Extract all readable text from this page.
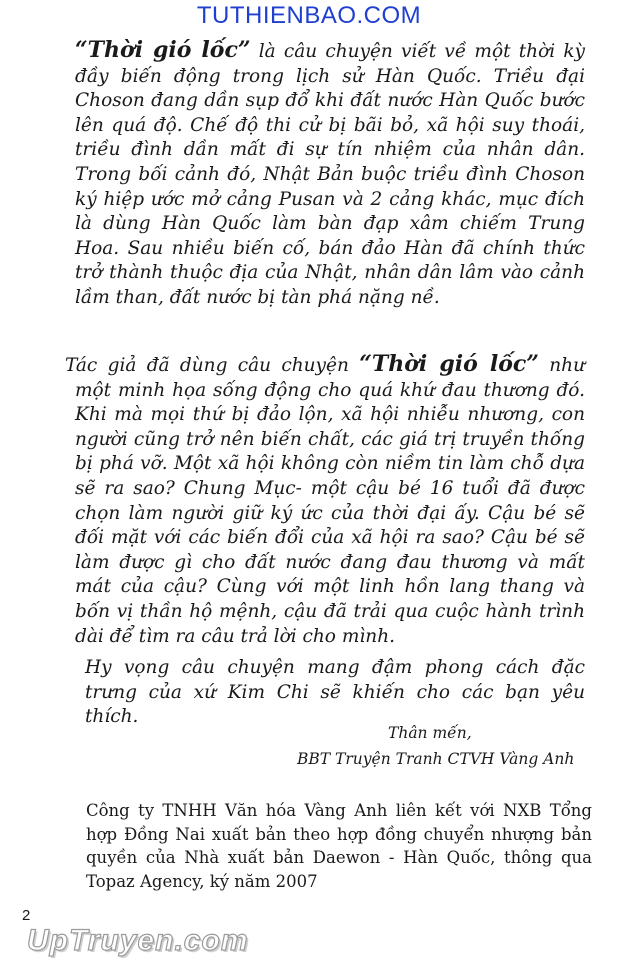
TUTHIENBAO.COM

“Thời gió lốc” là câu chuyện viết về một thời kỳ đầy biến động trong lịch sử Hàn Quốc. Triều đại Choson đang dần sụp đổ khi đất nước Hàn Quốc bước lên quá độ. Chế độ thi cử bị bãi bỏ, xã hội suy thoái, triều đình dần mất đi sự tín nhiệm của nhân dân. Trong bối cảnh đó, Nhật Bản buộc triều đình Choson ký hiệp ước mở cảng Pusan và 2 cảng khác, mục đích là dùng Hàn Quốc làm bàn đạp xâm chiếm Trung Hoa. Sau nhiều biến cố, bán đảo Hàn đã chính thức trở thành thuộc địa của Nhật, nhân dân lâm vào cảnh lầm than, đất nước bị tàn phá nặng nề.

Tác giả đã dùng câu chuyện “Thời gió lốc” như một minh họa sống động cho quá khứ đau thương đó. Khi mà mọi thứ bị đảo lộn, xã hội nhiễu nhương, con người cũng trở nên biến chất, các giá trị truyền thống bị phá vỡ. Một xã hội không còn niềm tin làm chỗ dựa sẽ ra sao? Chung Mục- một cậu bé 16 tuổi đã được chọn làm người giữ ký ức của thời đại ấy. Cậu bé sẽ đối mặt với các biến đổi của xã hội ra sao? Cậu bé sẽ làm được gì cho đất nước đang đau thương và mất mát của cậu? Cùng với một linh hồn lang thang và bốn vị thần hộ mệnh, cậu đã trải qua cuộc hành trình dài để tìm ra câu trả lời cho mình.

Hy vọng câu chuyện mang đậm phong cách đặc trưng của xứ Kim Chi sẽ khiến cho các bạn yêu thích.

Thân mến,
BBT Truyện Tranh CTVH Vàng Anh

Công ty TNHH Văn hóa Vàng Anh liên kết với NXB Tổng hợp Đồng Nai xuất bản theo hợp đồng chuyển nhượng bản quyền của Nhà xuất bản Daewon - Hàn Quốc, thông qua Topaz Agency, ký năm 2007

2
UpTruyen.com
